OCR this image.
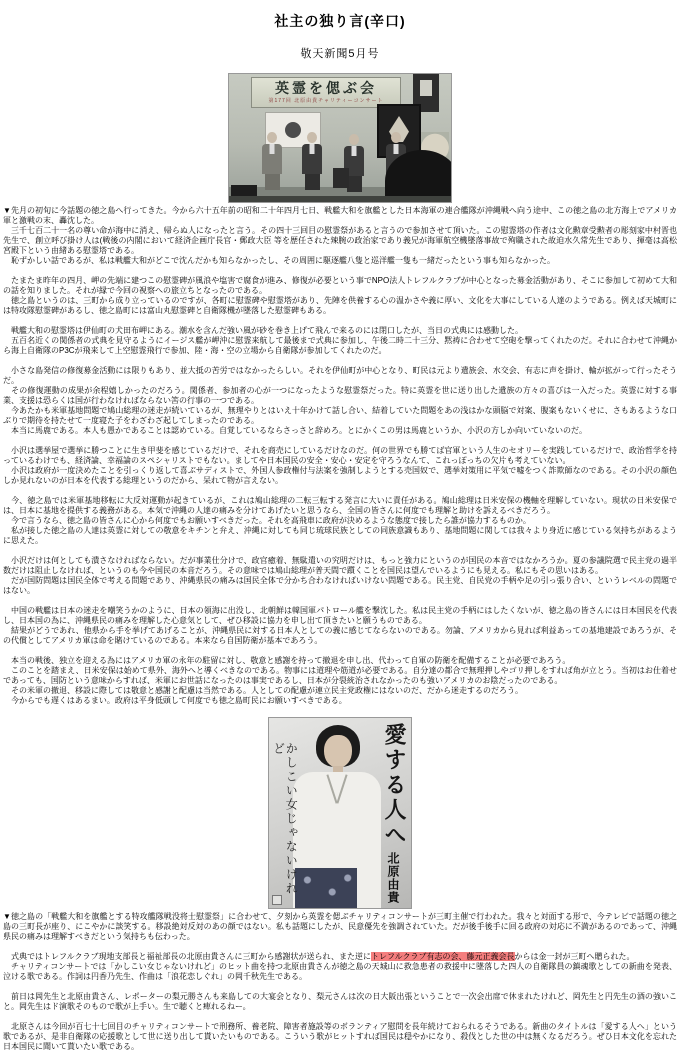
社主の独り言(辛口)
敬天新聞5月号
英霊を偲ぶ会
第177回 北原由貴チャリティーコンサート
▼先月の初旬に今話題の徳之島へ行ってきた。今から六十五年前の昭和二十年四月七日、戦艦大和を旗艦とした日本海軍の連合艦隊が沖縄戦へ向う途中、この徳之島の北方海上でアメリカ軍と激戦の末、轟沈した。
　三千七百二十一名の尊い命が海中に消え、帰らぬ人になったと言う。その四十三回目の慰霊祭があると言うので参加させて頂いた。この慰霊塔の作者は文化勲章受勲者の彫刻家中村晋也先生で、創立呼び掛け人は(戦後の内閣において経済企画庁長官・郵政大臣 等を歴任された辣腕の政治家であり義兄が海軍航空機墜落事故で殉職された故迫水久常先生であり、揮毫は高松宮殿下という由緒ある慰霊塔である。
　恥ずかしい話であるが、私は戦艦大和がどこで沈んだかも知らなかったし、その周囲に駆逐艦八隻と巡洋艦一隻も一緒だったという事も知らなかった。
　たまたま昨年の四月、岬の先端に建つこの慰霊碑が風浪や塩害で腐食が進み、修復が必要という事でNPO法人トレフルクラブが中心となった募金活動があり、そこに参加して初めて大和の話を知りました。それが縁で今回の視察への旅立ちとなったのである。
　徳之島というのは、三町から成り立っているのですが、各町に慰霊碑や慰霊塔があり、先陣を供養する心の温かさや義に厚い、文化を大事にしている人達のようである。例えば天城町には特攻隊慰霊碑があるし、徳之島町には富山丸慰霊碑と自衛隊機が墜落した慰霊碑もある。
　戦艦大和の慰霊塔は伊仙町の犬田布岬にある。潮水を含んだ強い風が砂を巻き上げて飛んで来るのには閉口したが、当日の式典には感動した。
　五百名近くの関係者の式典を見守るようにイージス艦が岬沖に慰霊来航して最後まで式典に参加し、午後二時二十三分、黙祷に合わせて空砲を撃ってくれたのだ。それに合わせて沖縄から海上自衛隊のP3Cが飛来して上空慰霊飛行で参加、陸・海・空の立場から自衛隊が参加してくれたのだ。
　小さな島発信の修復募金活動には限りもあり、並大抵の苦労ではなかったらしい。それを伊仙町が中心となり、町民は元より遺族会、水交会、有志に声を掛け、輪が拡がって行ったそうだ。
　その修復運動の成果が余程嬉しかったのだろう。関係者、参加者の心が一つになったような慰霊祭だった。特に英霊を世に送り出した遺族の方々の喜びは一入だった。英霊に対する事業、支援は恐らくは国が行わなければならない筈の行事の一つである。
　今あたかも米軍基地問題で鳩山総理の迷走が続いているが、無理やりとはいえ十年かけて話し合い、結着していた問題をあの浅はかな頭脳で対案、腹案もないくせに、さもあるような口ぶりで期待を持たせて一度寝た子をわざわざ起してしまったのである。
　本当に馬鹿である。本人も愚かであることは認めている。自覚しているならさっさと辞めろ。とにかくこの男は馬鹿というか、小沢の方しか向いていないのだ。
　小沢は選挙屋で選挙に勝つことに生き甲斐を感じているだけで、それを商売にしているだけなのだ。何の世界でも勝てば官軍という人生のセオリーを実践しているだけで、政治哲学を持っているわけでも、経済論、幸福論のスペシャリストでもない。ましてや日本国民の安全・安心・安定を守ろうなんて、これっぽっちの欠片も考えていない。
　小沢は政府が一度決めたことを引っくり返して喜ぶサディストで、外国人参政権付与法案を強制しようとする売国奴で、選挙対策用に平気で嘘をつく詐欺師なのである。その小沢の顔色しか見れないのが日本を代表する総理というのだから、呆れて物が言えない。
　今、徳之島では米軍基地移転に大反対運動が起きているが、これは鳩山総理の二転三転する発言に大いに責任がある。鳩山総理は日米安保の機軸を理解していない。現状の日米安保では、日本に基地を提供する義務がある。本気で沖縄の人達の痛みを分けてあげたいと思うなら、全国の皆さんに何度でも理解と助けを訴えるべきだろう。
　今で言うなら、徳之島の皆さんに心から何度でもお願いすべきだった。それを高飛車に政府が決めるような態度で接したら誰が協力するものか。
　私が接した徳之島の人達は英霊に対しての敬意をキチンと弁え、沖縄に対しても同じ琉球民族としての同族意識もあり、基地問題に関しては我々より身近に感じている気持ちがあるように思えた。
　小沢だけは何としても潰さなければならない。だが事業仕分けで、政官癒着、無駄遣いの究明だけは、もっと強力にというのが国民の本音ではなかろうか。夏の参議院選で民主党の過半数だけは阻止しなければ、というのも今や国民の本音だろう。その意味では鳩山総理が普天間で躓くことを国民は望んでいるようにも見える。私にもその思いはある。
　だが国防問題は国民全体で考える問題であり、沖縄県民の痛みは国民全体で分かち合わなければいけない問題である。民主党、自民党の手柄や足の引っ張り合い、というレベルの問題ではない。
　中国の戦艦は日本の迷走を嘲笑うかのように、日本の領海に出没し、北朝鮮は韓国軍パトロール艦を撃沈した。私は民主党の手柄にはしたくないが、徳之島の皆さんには日本国民を代表し、日本国の為に、沖縄県民の痛みを理解した心意気として、ぜひ移設に協力を申し出て頂きたいと願うものである。
　結果がどうであれ、他県から手を挙げてあげることが、沖縄県民に対する日本人としての義に感じてならないのである。勿論、アメリカから見れば利益あっての基地建設であろうが、その代償としてアメリカ軍は命を賭けているのである。本来なら自国防衛が基本であろう。
　本当の戦後、独立を迎える為にはアメリカ軍の永年の駐留に対し、敬意と感謝を持って撤退を申し出、代わって自軍の防衛を配備することが必要であろう。
　このことを踏まえ、日米安保は始めて県外、海外へと導くべきなのである。物事には道理や筋道が必要である。自分達の都合で無理押しやゴリ押しをすれば角が立とう。当初はお仕着せであっても、国防という意味からすれば、米軍にお世話になったのは事実であるし、日本が分裂統治されなかったのも強いアメリカのお陰だったのである。
　その米軍の撤退、移設に際しては敬意と感謝と配慮は当然である。人としての配慮が連立民主党政権にはないのだ、だから迷走するのだろう。
　今からでも遅くはあるまい。政府は平身低頭して何度でも徳之島町民にお願いすべきである。
愛する人へ
北原由貴
かしこい女じゃないけれど
▼徳之島の「戦艦大和を旗艦とする特攻艦隊戦没将士慰霊祭」に合わせて、夕刻から英霊を偲ぶチャリティコンサートが三町主催で行われた。我々と対面する形で、今テレビで話題の徳之島の三町長が座り、にこやかに談笑する。移設絶対反対のあの顔ではない。私も話題にしたが、民意優先を強調されていた。だが後手後手に回る政府の対応に不満があるのであって、沖縄県民の痛みは理解すべきだという気持ちも伝わった。
　式典ではトレフルクラブ現地支部長と福祉部長の北原由貴さんに三町から感謝状が送られ、また逆にトレフルクラブ有志の会、藤元正義会長からは金一封が三町へ贈られた。
　チャリティコンサートでは「かしこい女じゃないけれど」のヒット曲を持つ北原由貴さんが徳之島の天城山に救急患者の救援中に墜落した四人の自衛隊員の鎮魂歌としての新曲を発表、泣ける歌である。作詞は円香乃先生、作曲は「浪花恋しぐれ」の岡千秋先生である。
　前日は岡先生と北原由貴さん、レポーターの梨元勝さんも来島しての大宴会となり、梨元さんは次の日大阪出張ということで一次会出席で休まれたけれど、岡先生と円先生の酒の強いこと。岡先生はド演歌そのもので歌が上手い。生で聴くと痺れるねー。
　北原さんは今回が百七十七回目のチャリティコンサートで刑務所、養老院、障害者施設等のボランティア慰問を長年続けておられるそうである。新曲のタイトルは「愛する人へ」という歌であるが、是非自衛隊の応援歌として世に送り出して貰いたいものである。こういう歌がヒットすれば国民は穏やかになり、殺伐とした世の中は無くなるだろう。ぜひ日本文化を忘れた日本国民に聞いて貰いたい歌である。
